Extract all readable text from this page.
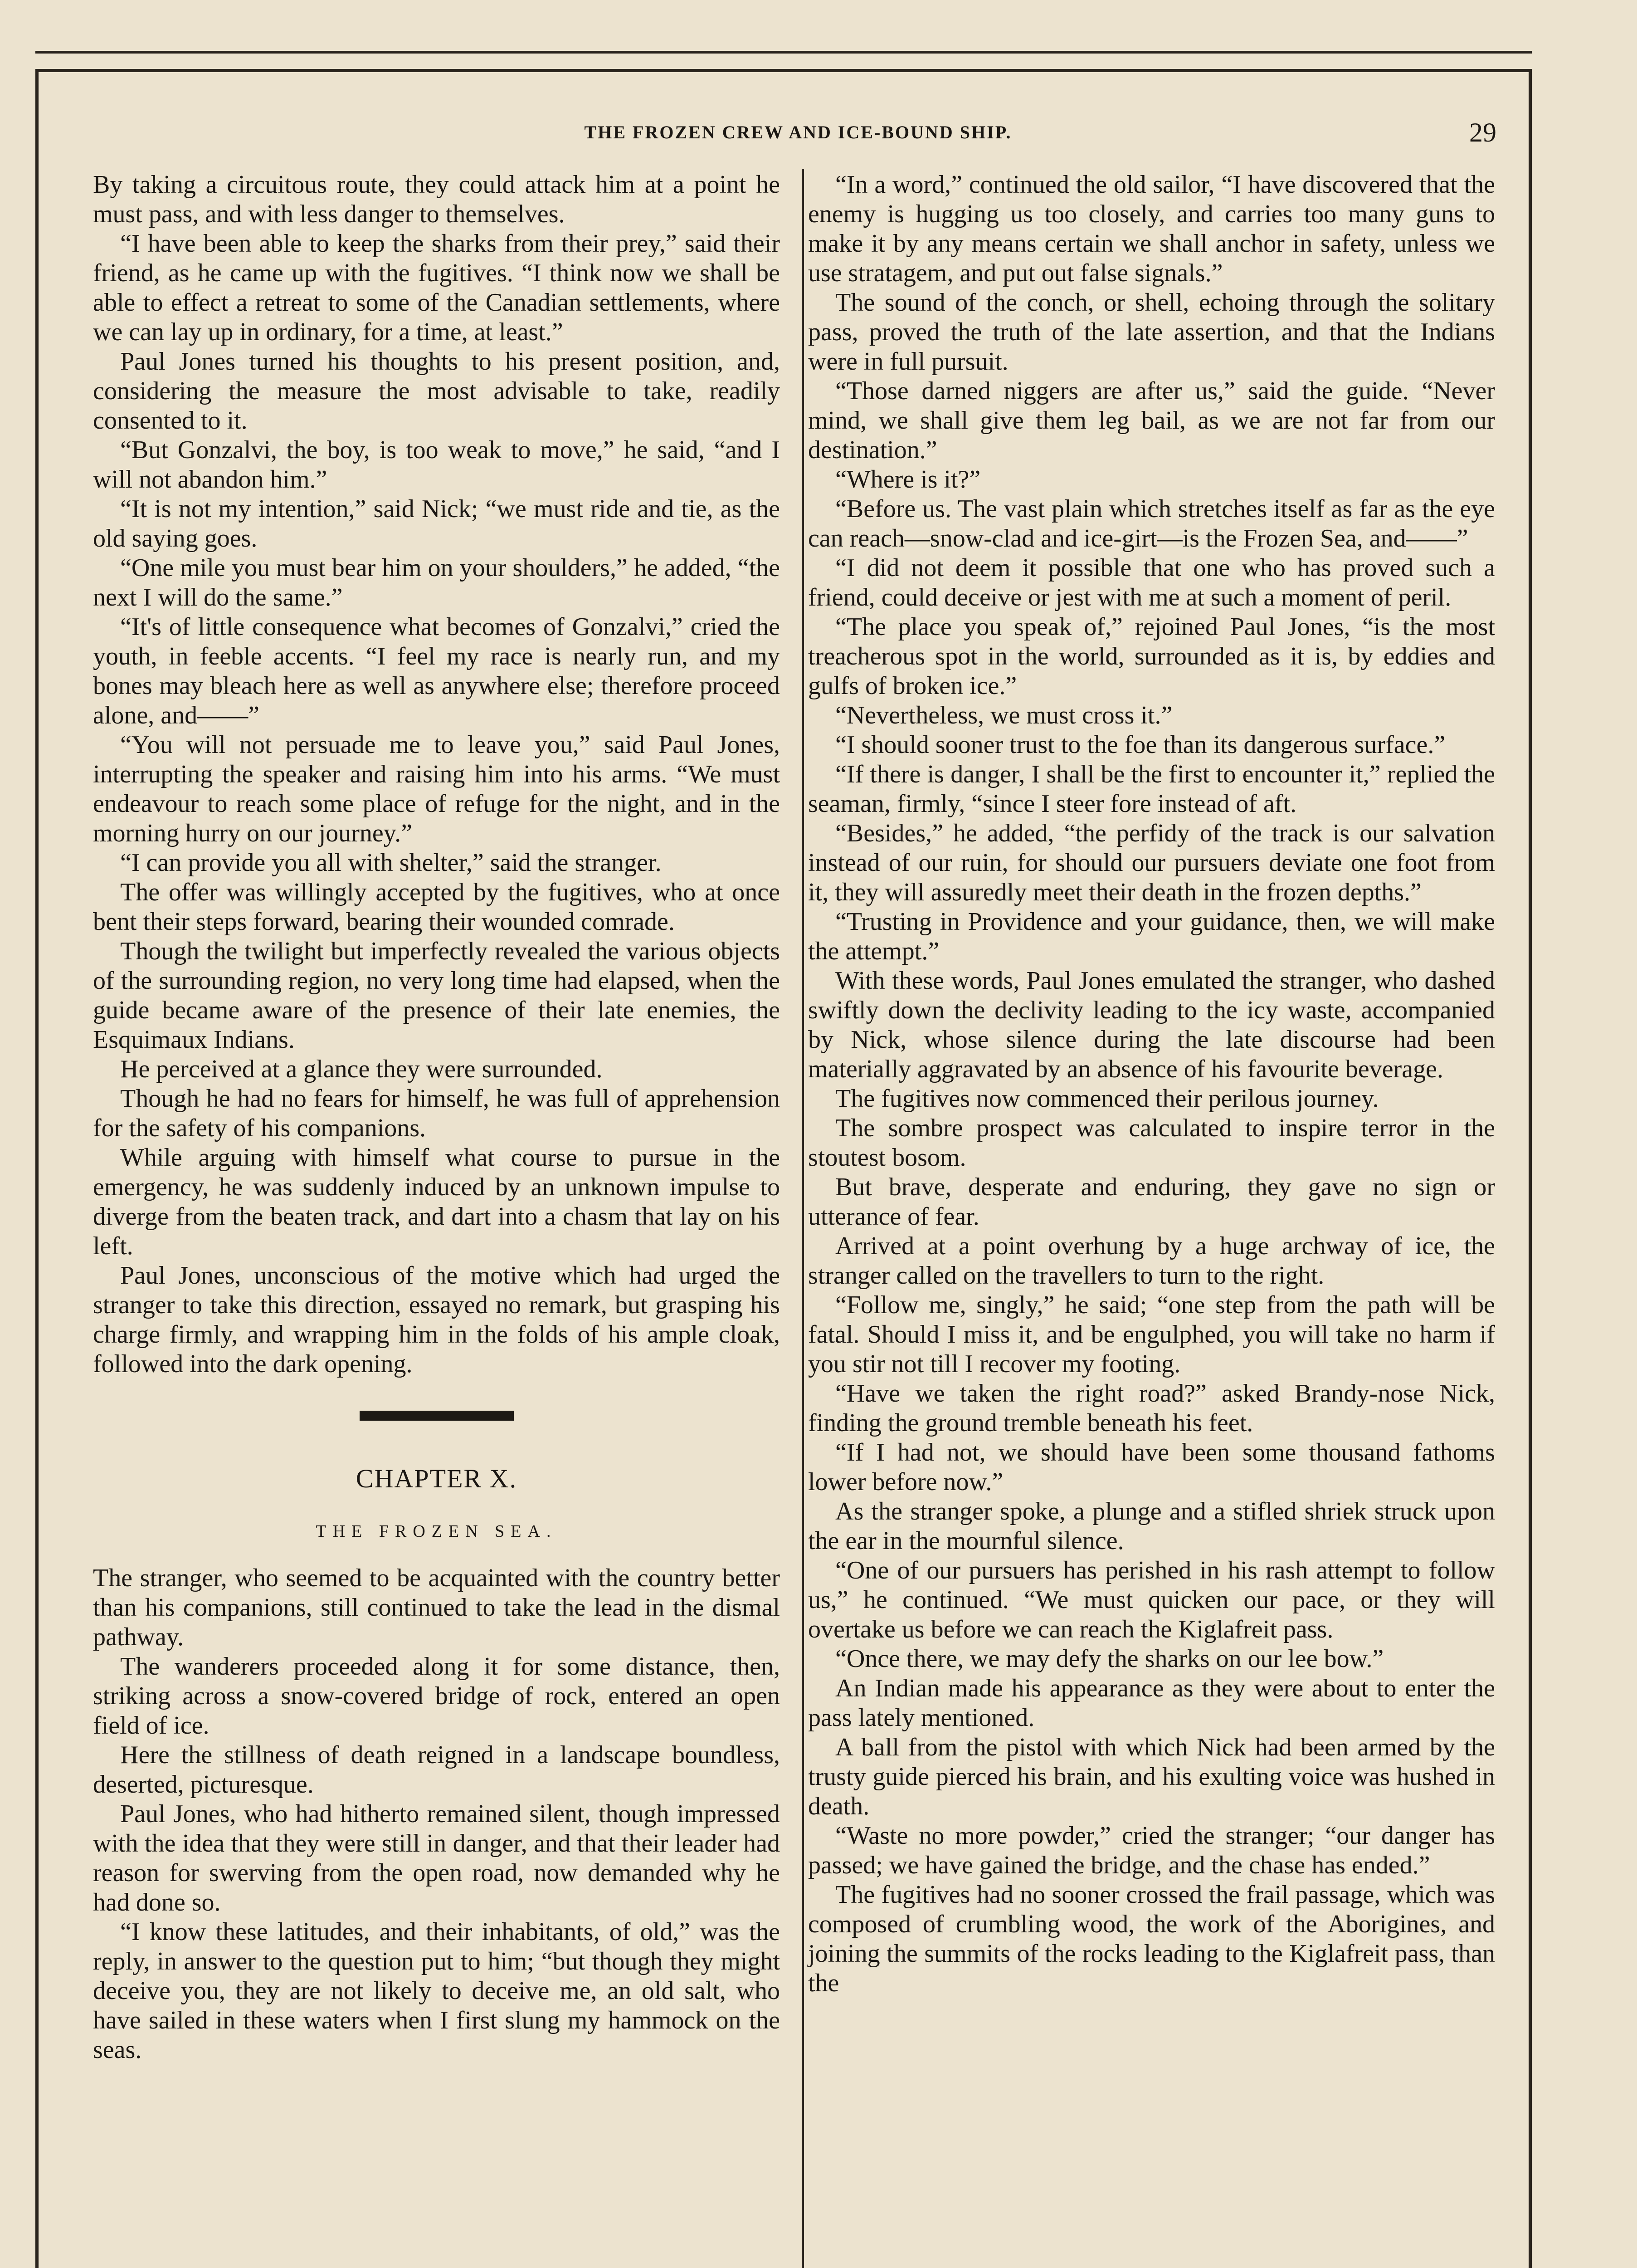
THE FROZEN CREW AND ICE-BOUND SHIP.	29

By taking a circuitous route, they could attack him at a point he must pass, and with less danger to themselves.

“I have been able to keep the sharks from their prey,” said their friend, as he came up with the fugitives. “I think now we shall be able to effect a retreat to some of the Canadian settlements, where we can lay up in ordinary, for a time, at least.”

Paul Jones turned his thoughts to his present position, and, considering the measure the most advisable to take, readily consented to it.

“But Gonzalvi, the boy, is too weak to move,” he said, “and I will not abandon him.”

“It is not my intention,” said Nick; “we must ride and tie, as the old saying goes.

“One mile you must bear him on your shoulders,” he added, “the next I will do the same.”

“It's of little consequence what becomes of Gonzalvi,” cried the youth, in feeble accents. “I feel my race is nearly run, and my bones may bleach here as well as anywhere else; therefore proceed alone, and——”

“You will not persuade me to leave you,” said Paul Jones, interrupting the speaker and raising him into his arms. “We must endeavour to reach some place of refuge for the night, and in the morning hurry on our journey.”

“I can provide you all with shelter,” said the stranger.

The offer was willingly accepted by the fugitives, who at once bent their steps forward, bearing their wounded comrade.

Though the twilight but imperfectly revealed the various objects of the surrounding region, no very long time had elapsed, when the guide became aware of the presence of their late enemies, the Esquimaux Indians.

He perceived at a glance they were surrounded.

Though he had no fears for himself, he was full of apprehension for the safety of his companions.

While arguing with himself what course to pursue in the emergency, he was suddenly induced by an unknown impulse to diverge from the beaten track, and dart into a chasm that lay on his left.

Paul Jones, unconscious of the motive which had urged the stranger to take this direction, essayed no remark, but grasping his charge firmly, and wrapping him in the folds of his ample cloak, followed into the dark opening.

CHAPTER X.
THE FROZEN SEA.

The stranger, who seemed to be acquainted with the country better than his companions, still continued to take the lead in the dismal pathway.

The wanderers proceeded along it for some distance, then, striking across a snow-covered bridge of rock, entered an open field of ice.

Here the stillness of death reigned in a landscape boundless, deserted, picturesque.

Paul Jones, who had hitherto remained silent, though impressed with the idea that they were still in danger, and that their leader had reason for swerving from the open road, now demanded why he had done so.

“I know these latitudes, and their inhabitants, of old,” was the reply, in answer to the question put to him; “but though they might deceive you, they are not likely to deceive me, an old salt, who have sailed in these waters when I first slung my hammock on the seas.

“In a word,” continued the old sailor, “I have discovered that the enemy is hugging us too closely, and carries too many guns to make it by any means certain we shall anchor in safety, unless we use stratagem, and put out false signals.”

The sound of the conch, or shell, echoing through the solitary pass, proved the truth of the late assertion, and that the Indians were in full pursuit.

“Those darned niggers are after us,” said the guide. “Never mind, we shall give them leg bail, as we are not far from our destination.”

“Where is it?”

“Before us. The vast plain which stretches itself as far as the eye can reach—snow-clad and ice-girt—is the Frozen Sea, and——”

“I did not deem it possible that one who has proved such a friend, could deceive or jest with me at such a moment of peril.

“The place you speak of,” rejoined Paul Jones, “is the most treacherous spot in the world, surrounded as it is, by eddies and gulfs of broken ice.”

“Nevertheless, we must cross it.”

“I should sooner trust to the foe than its dangerous surface.”

“If there is danger, I shall be the first to encounter it,” replied the seaman, firmly, “since I steer fore instead of aft.

“Besides,” he added, “the perfidy of the track is our salvation instead of our ruin, for should our pursuers deviate one foot from it, they will assuredly meet their death in the frozen depths.”

“Trusting in Providence and your guidance, then, we will make the attempt.”

With these words, Paul Jones emulated the stranger, who dashed swiftly down the declivity leading to the icy waste, accompanied by Nick, whose silence during the late discourse had been materially aggravated by an absence of his favourite beverage.

The fugitives now commenced their perilous journey.

The sombre prospect was calculated to inspire terror in the stoutest bosom.

But brave, desperate and enduring, they gave no sign or utterance of fear.

Arrived at a point overhung by a huge archway of ice, the stranger called on the travellers to turn to the right.

“Follow me, singly,” he said; “one step from the path will be fatal. Should I miss it, and be engulphed, you will take no harm if you stir not till I recover my footing.

“Have we taken the right road?” asked Brandy-nose Nick, finding the ground tremble beneath his feet.

“If I had not, we should have been some thousand fathoms lower before now.”

As the stranger spoke, a plunge and a stifled shriek struck upon the ear in the mournful silence.

“One of our pursuers has perished in his rash attempt to follow us,” he continued. “We must quicken our pace, or they will overtake us before we can reach the Kiglafreit pass.

“Once there, we may defy the sharks on our lee bow.”

An Indian made his appearance as they were about to enter the pass lately mentioned.

A ball from the pistol with which Nick had been armed by the trusty guide pierced his brain, and his exulting voice was hushed in death.

“Waste no more powder,” cried the stranger; “our danger has passed; we have gained the bridge, and the chase has ended.”

The fugitives had no sooner crossed the frail passage, which was composed of crumbling wood, the work of the Aborigines, and joining the summits of the rocks leading to the Kiglafreit pass, than the
